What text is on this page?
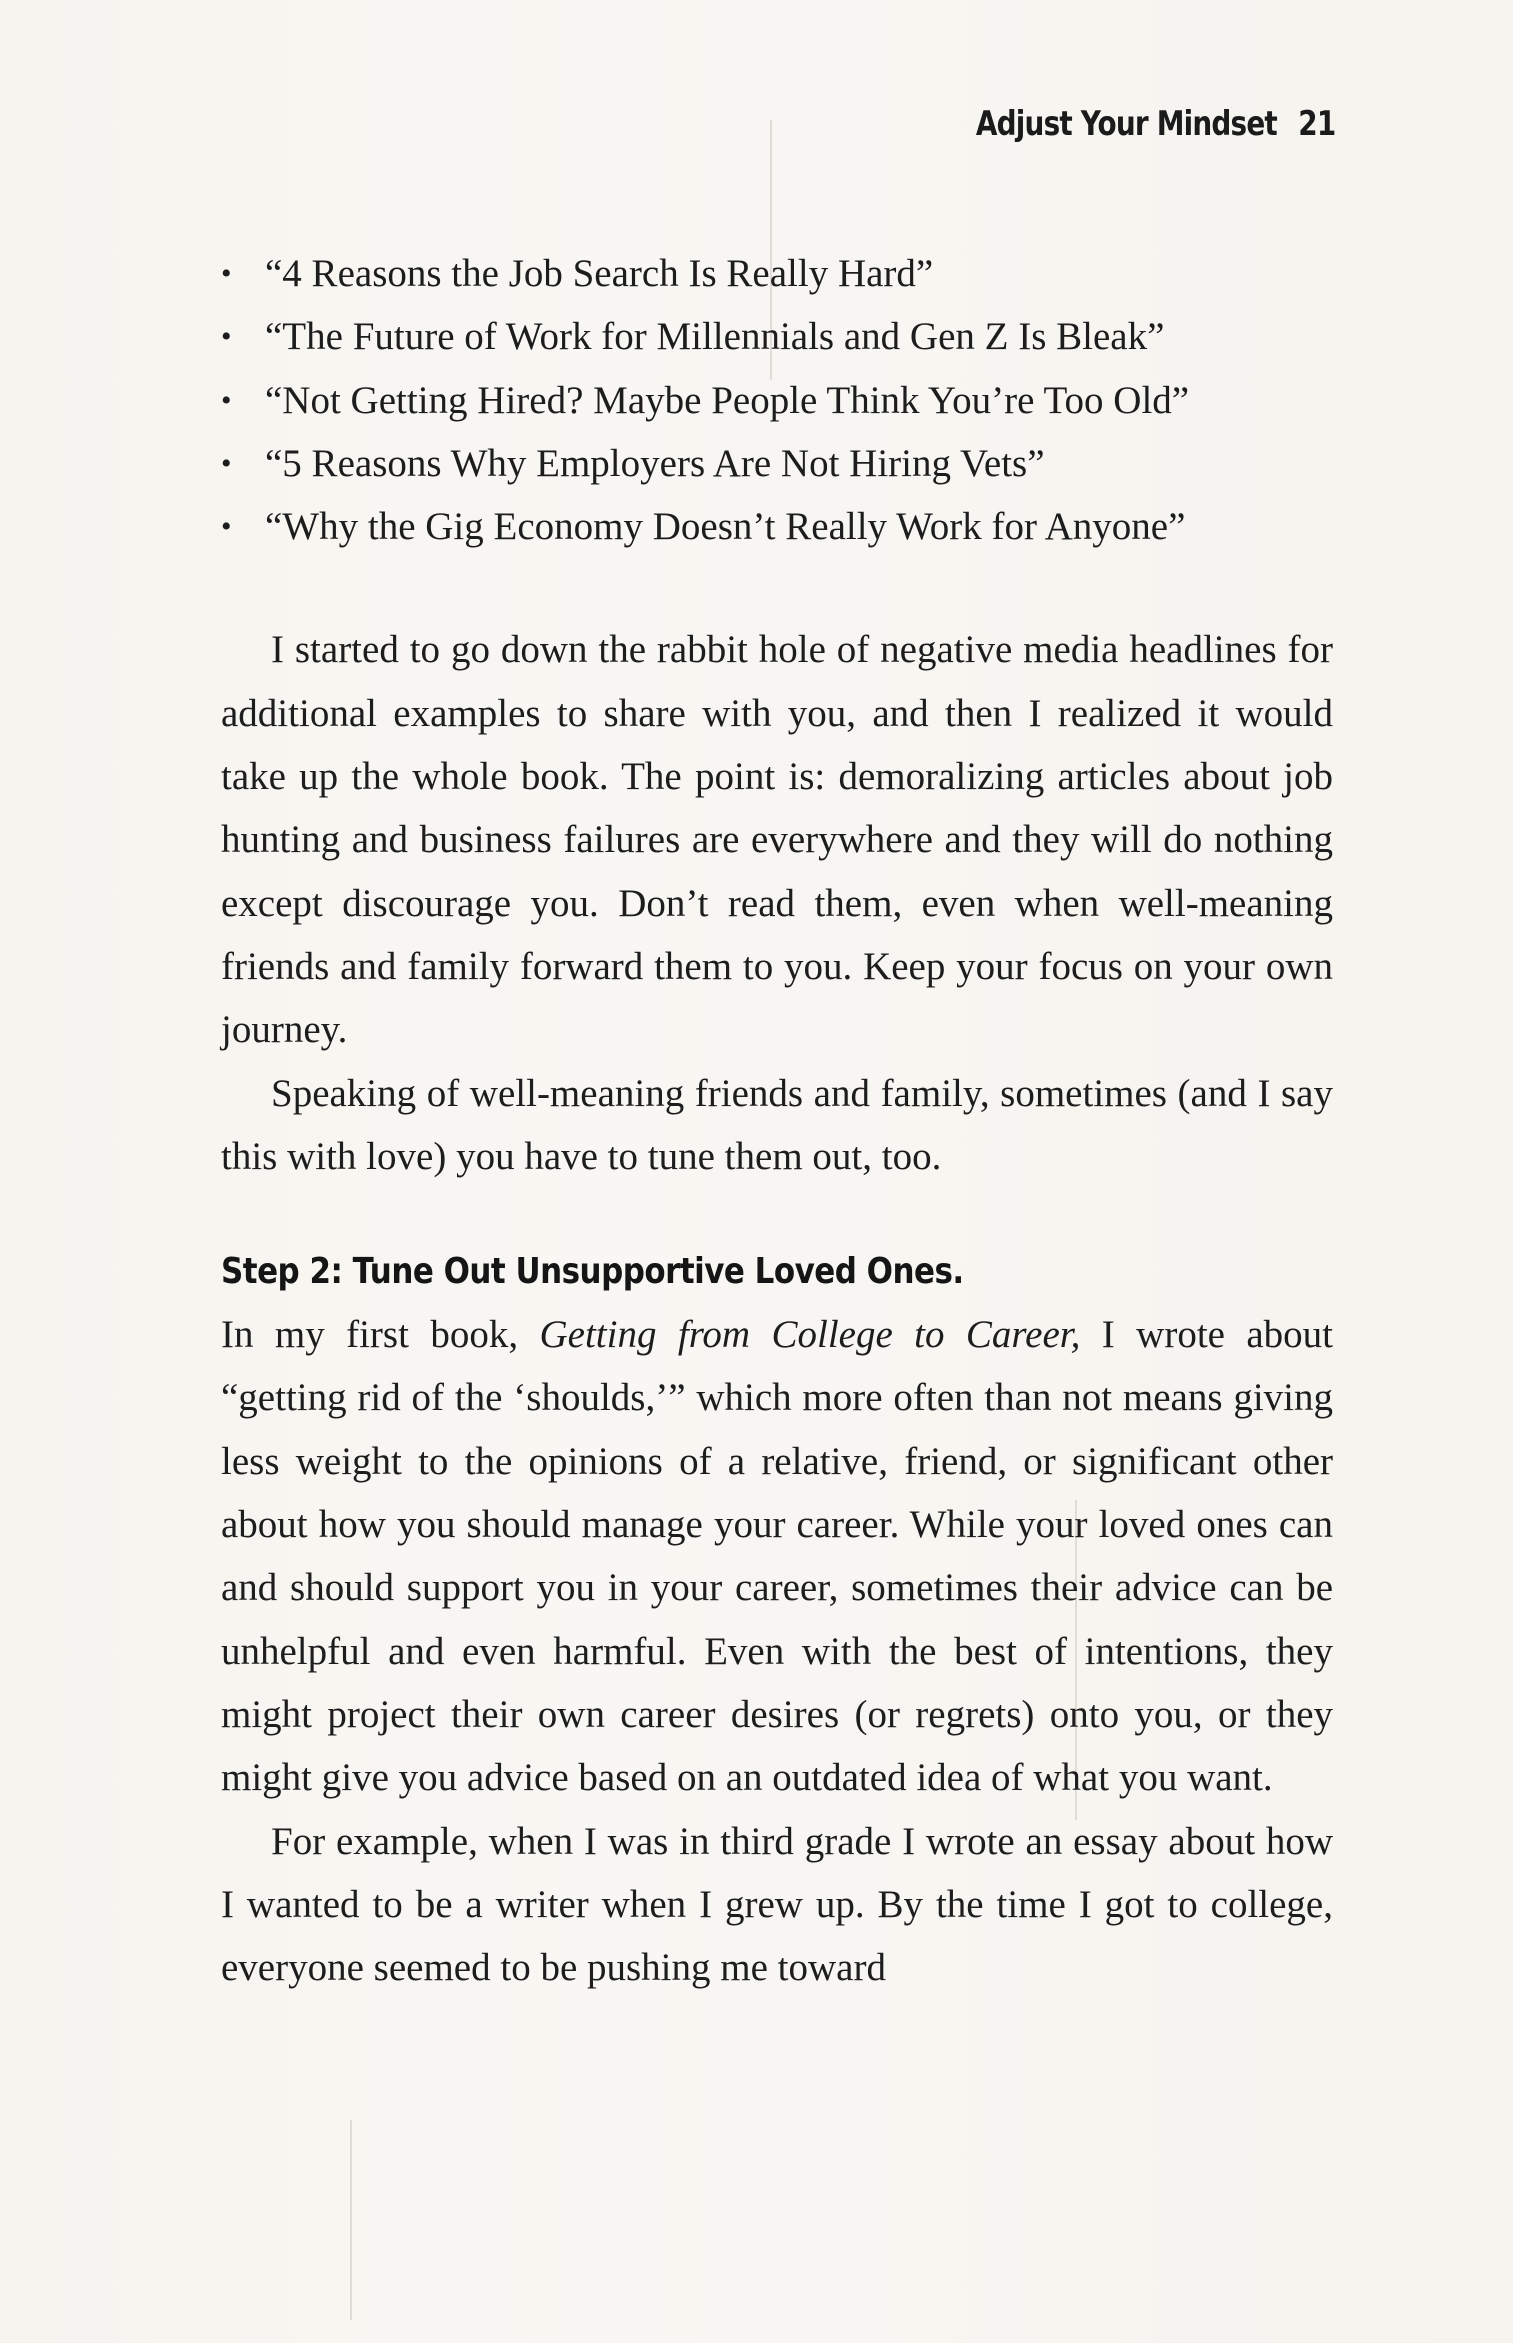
Adjust Your Mindset 21
• “4 Reasons the Job Search Is Really Hard”
• “The Future of Work for Millennials and Gen Z Is Bleak”
• “Not Getting Hired? Maybe People Think You’re Too Old”
• “5 Reasons Why Employers Are Not Hiring Vets”
• “Why the Gig Economy Doesn’t Really Work for Anyone”

I started to go down the rabbit hole of negative media headlines for additional examples to share with you, and then I realized it would take up the whole book. The point is: demoralizing articles about job hunting and business failures are everywhere and they will do nothing except discourage you. Don’t read them, even when well-meaning friends and family forward them to you. Keep your focus on your own journey.

Speaking of well-meaning friends and family, sometimes (and I say this with love) you have to tune them out, too.

Step 2: Tune Out Unsupportive Loved Ones.

In my first book, Getting from College to Career, I wrote about “getting rid of the ‘shoulds,’” which more often than not means giving less weight to the opinions of a relative, friend, or significant other about how you should manage your career. While your loved ones can and should support you in your career, sometimes their advice can be unhelpful and even harmful. Even with the best of intentions, they might project their own career desires (or regrets) onto you, or they might give you advice based on an outdated idea of what you want.

For example, when I was in third grade I wrote an essay about how I wanted to be a writer when I grew up. By the time I got to college, everyone seemed to be pushing me toward
